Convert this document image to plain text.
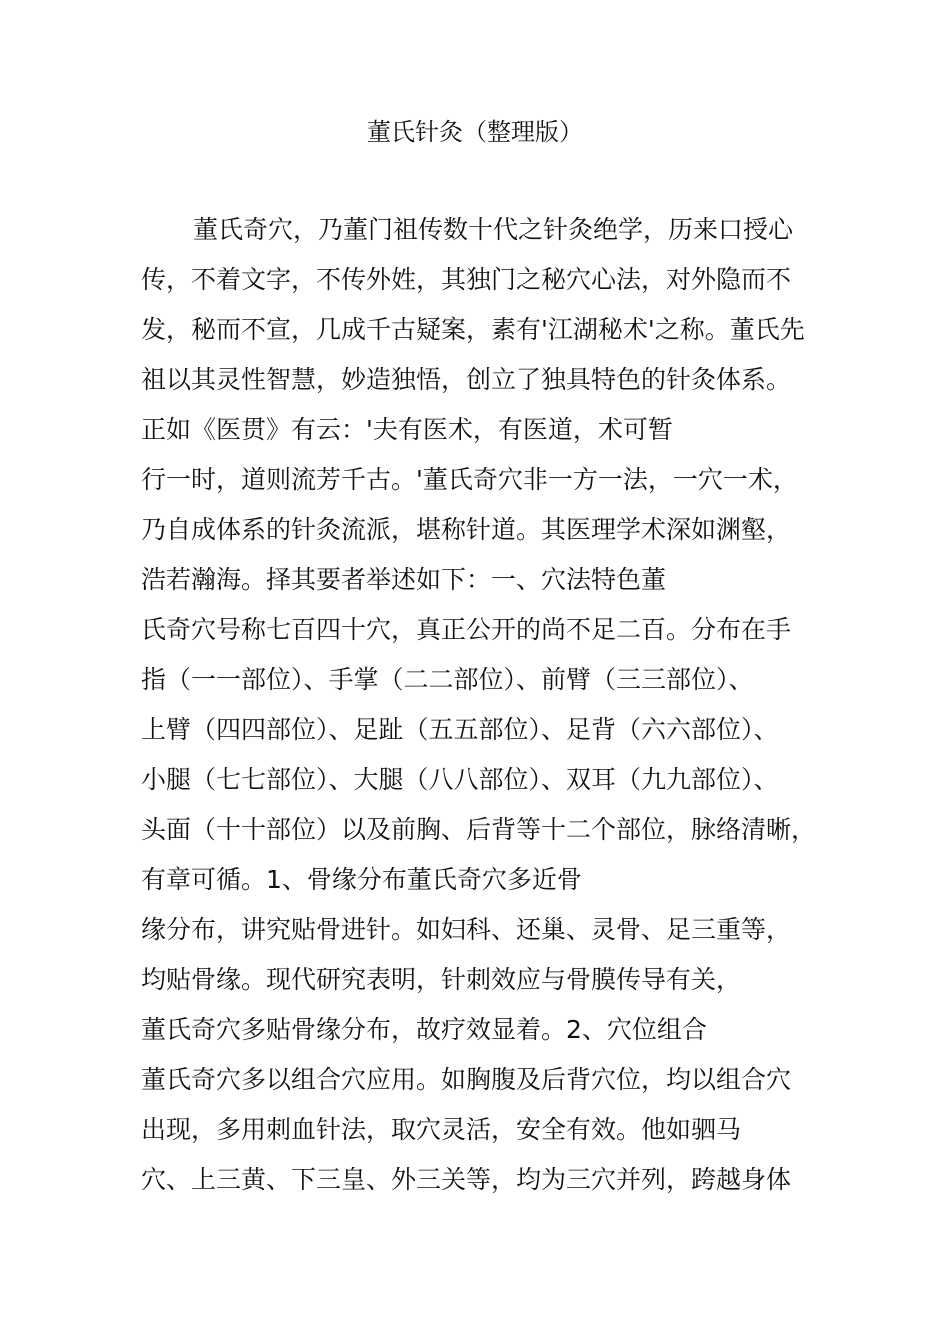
董氏针灸（整理版）
董氏奇穴，乃董门祖传数十代之针灸绝学，历来口授心
传，不着文字，不传外姓，其独门之秘穴心法，对外隐而不
发，秘而不宣，几成千古疑案，素有'江湖秘术'之称。董氏先
祖以其灵性智慧，妙造独悟，创立了独具特色的针灸体系。
正如《医贯》有云：'夫有医术，有医道，术可暂
行一时，道则流芳千古。'董氏奇穴非一方一法，一穴一术，
乃自成体系的针灸流派，堪称针道。其医理学术深如渊壑，
浩若瀚海。择其要者举述如下：一、穴法特色董
氏奇穴号称七百四十穴，真正公开的尚不足二百。分布在手
指（一一部位）、手掌（二二部位）、前臂（三三部位）、
上臂（四四部位）、足趾（五五部位）、足背（六六部位）、
小腿（七七部位）、大腿（八八部位）、双耳（九九部位）、
头面（十十部位）以及前胸、后背等十二个部位，脉络清晰，
有章可循。1、骨缘分布董氏奇穴多近骨
缘分布，讲究贴骨进针。如妇科、还巢、灵骨、足三重等，
均贴骨缘。现代研究表明，针刺效应与骨膜传导有关，
董氏奇穴多贴骨缘分布，故疗效显着。2、穴位组合
董氏奇穴多以组合穴应用。如胸腹及后背穴位，均以组合穴
出现，多用刺血针法，取穴灵活，安全有效。他如驷马
穴、上三黄、下三皇、外三关等，均为三穴并列，跨越身体
